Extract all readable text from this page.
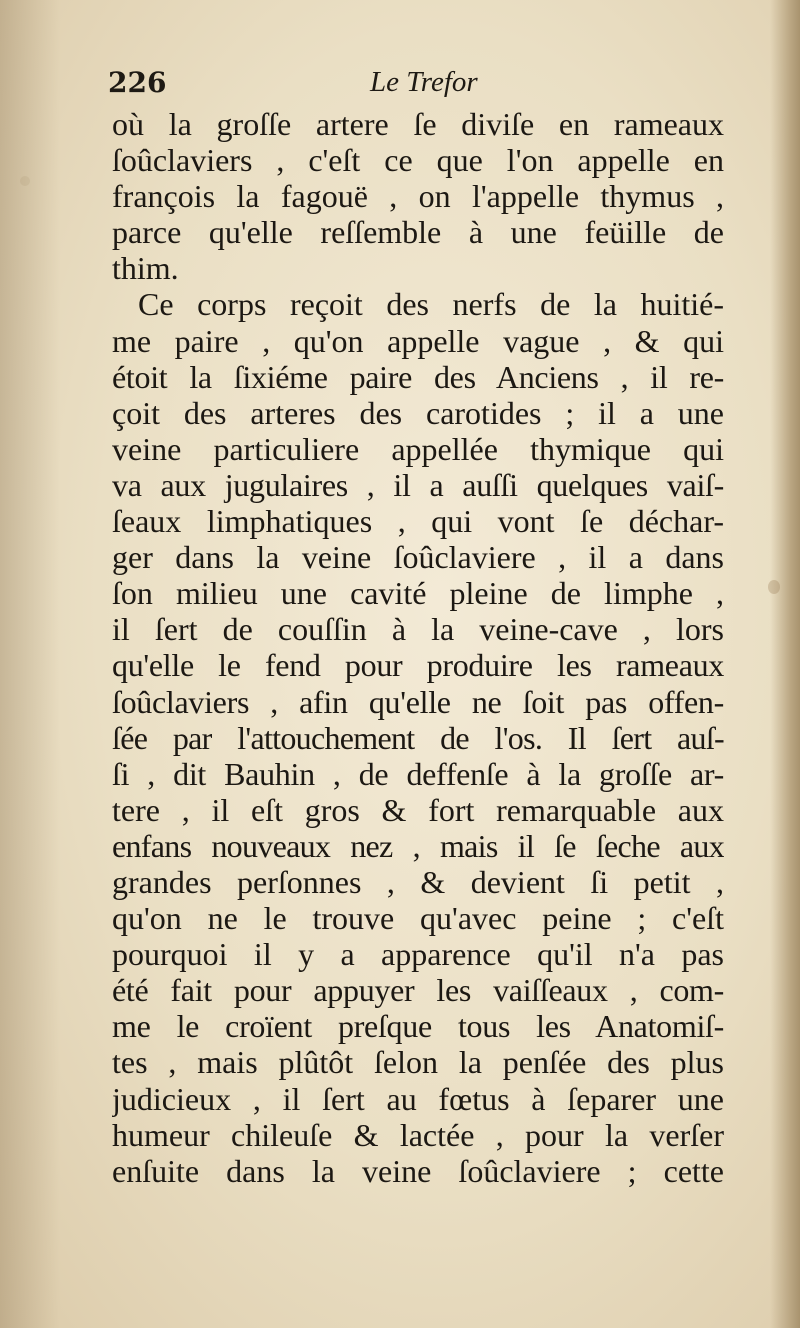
226	Le Trefor
où la groſſe artere ſe diviſe en rameaux
ſoûclaviers , c'eſt ce que l'on appelle en
françois la fagouë , on l'appelle thymus ,
parce qu'elle reſſemble à une feüille de
thim.
Ce corps reçoit des nerfs de la huitié-
me paire , qu'on appelle vague , & qui
étoit la ſixiéme paire des Anciens , il re-
çoit des arteres des carotides ; il a une
veine particuliere appellée thymique qui
va aux jugulaires , il a auſſi quelques vaiſ-
ſeaux limphatiques , qui vont ſe déchar-
ger dans la veine ſoûclaviere , il a dans
ſon milieu une cavité pleine de limphe ,
il ſert de couſſin à la veine-cave , lors
qu'elle le fend pour produire les rameaux
ſoûclaviers , afin qu'elle ne ſoit pas offen-
ſée par l'attouchement de l'os. Il ſert auſ-
ſi , dit Bauhin , de deffenſe à la groſſe ar-
tere , il eſt gros & fort remarquable aux
enfans nouveaux nez , mais il ſe ſeche aux
grandes perſonnes , & devient ſi petit ,
qu'on ne le trouve qu'avec peine ; c'eſt
pourquoi il y a apparence qu'il n'a pas
été fait pour appuyer les vaiſſeaux , com-
me le croïent preſque tous les Anatomiſ-
tes , mais plûtôt ſelon la penſée des plus
judicieux , il ſert au fœtus à ſeparer une
humeur chileuſe & lactée , pour la verſer
enſuite dans la veine ſoûclaviere ; cette
